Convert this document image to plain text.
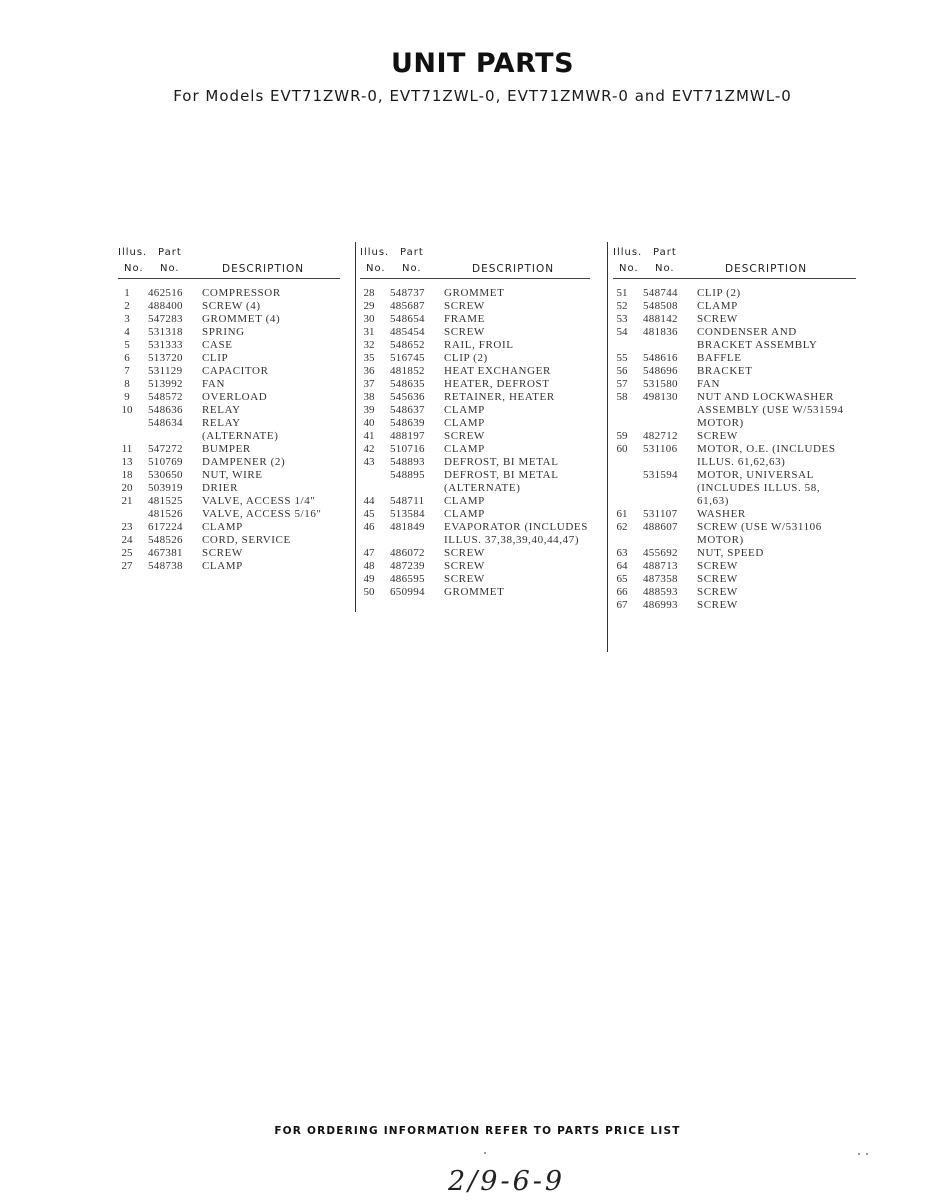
UNIT PARTS
For Models EVT71ZWR-0, EVT71ZWL-0, EVT71ZMWR-0 and EVT71ZMWL-0
Illus. Part
No. No.	DESCRIPTION
1	462516	COMPRESSOR
2	488400	SCREW (4)
3	547283	GROMMET (4)
4	531318	SPRING
5	531333	CASE
6	513720	CLIP
7	531129	CAPACITOR
8	513992	FAN
9	548572	OVERLOAD
10	548636	RELAY
548634	RELAY
(ALTERNATE)
11	547272	BUMPER
13	510769	DAMPENER (2)
18	530650	NUT, WIRE
20	503919	DRIER
21	481525	VALVE, ACCESS 1/4"
481526	VALVE, ACCESS 5/16"
23	617224	CLAMP
24	548526	CORD, SERVICE
25	467381	SCREW
27	548738	CLAMP
Illus. Part
No. No.	DESCRIPTION
28	548737	GROMMET
29	485687	SCREW
30	548654	FRAME
31	485454	SCREW
32	548652	RAIL, FROIL
35	516745	CLIP (2)
36	481852	HEAT EXCHANGER
37	548635	HEATER, DEFROST
38	545636	RETAINER, HEATER
39	548637	CLAMP
40	548639	CLAMP
41	488197	SCREW
42	510716	CLAMP
43	548893	DEFROST, BI METAL
548895	DEFROST, BI METAL
(ALTERNATE)
44	548711	CLAMP
45	513584	CLAMP
46	481849	EVAPORATOR (INCLUDES
ILLUS. 37,38,39,40,44,47)
47	486072	SCREW
48	487239	SCREW
49	486595	SCREW
50	650994	GROMMET
Illus. Part
No. No.	DESCRIPTION
51	548744	CLIP (2)
52	548508	CLAMP
53	488142	SCREW
54	481836	CONDENSER AND
BRACKET ASSEMBLY
55	548616	BAFFLE
56	548696	BRACKET
57	531580	FAN
58	498130	NUT AND LOCKWASHER
ASSEMBLY (USE W/531594
MOTOR)
59	482712	SCREW
60	531106	MOTOR, O.E. (INCLUDES
ILLUS. 61,62,63)
531594	MOTOR, UNIVERSAL
(INCLUDES ILLUS. 58,
61,63)
61	531107	WASHER
62	488607	SCREW (USE W/531106
MOTOR)
63	455692	NUT, SPEED
64	488713	SCREW
65	487358	SCREW
66	488593	SCREW
67	486993	SCREW
FOR ORDERING INFORMATION REFER TO PARTS PRICE LIST
2/9-6-9
